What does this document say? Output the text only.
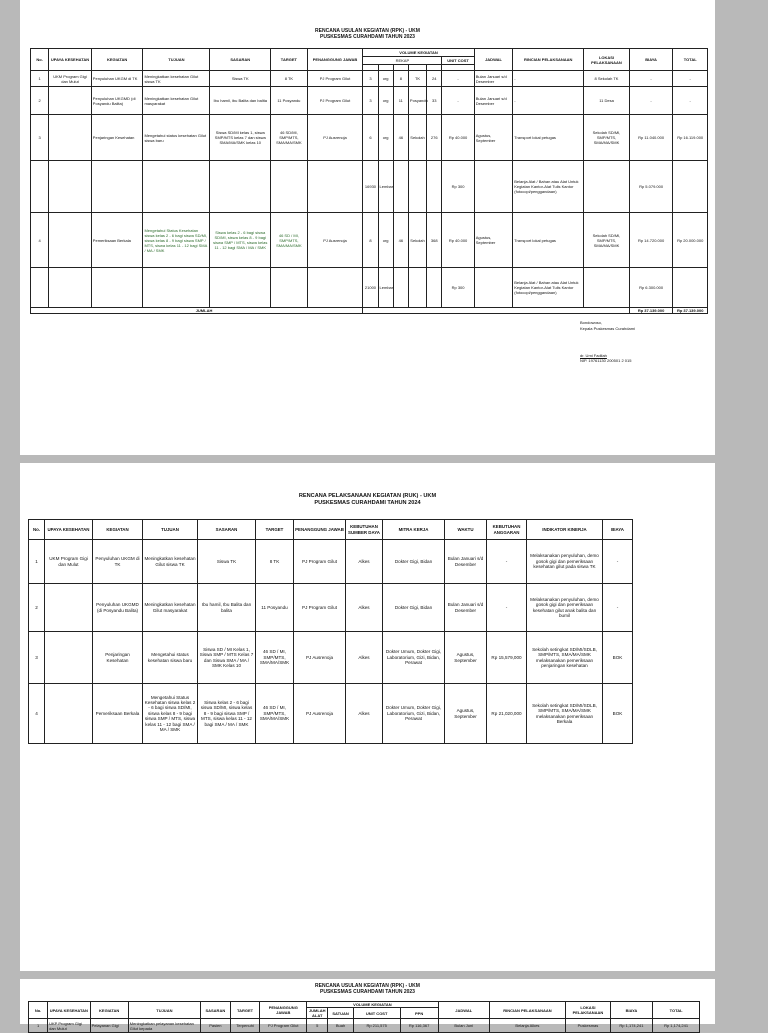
RENCANA USULAN KEGIATAN (RPK) - UKM
PUSKESMAS CURAHDAMI TAHUN 2023
No.	UPAYA KESEHATAN	KEGIATAN	TUJUAN	SASARAN	TARGET	PENANGGUNG JAWAB	VOLUME KEGIATAN						JADWAL	RINCIAN PELAKSANAAN	LOKASI PELAKSANAAN	BIAYA	TOTAL
							REKAP					UNIT COST					

1	UKM Program Gigi dan Mulut	Penyuluhan UKGM di TK	Meningkatkan kesehatan Gilut siswa TK	Siswa TK	8 TK	PJ Program Gilut	3	org	8	TK	24	-	Bulan Januari s/d Desember	-	8 Sekolah TK	-	-
2		Penyuluhan UKGMD (di Posyandu Balita)	Meningkatkan kesehatan Gilut masyarakat	Ibu hamil, ibu Balita dan balita	11 Posyandu	PJ Program Gilut	3	org	11	Posyandu	33	-	Bulan Januari s/d Desember	-	11 Desa	-	-
3		Penjaringan Kesehatan	Mengetahui status kesehatan Gilut siswa baru	Siswa SD/MI kelas 1, siswa SMP/MTS kelas 7 dan siswa SMA/MA/SMK kelas 10	46 SD/MI, SMP/MTS, SMA/MA/SMK	PJ Ausrenoja	6	org	46	Sekolah	276	Rp 40.000	Agustus, September	Transport lokal petugas	Sekolah SD/MI, SMP/MTS, SMA/MA/SMK	Rp 11.040.000	Rp 16.119.000
							16930	Lembar				Rp 300		Belanja Alat / Bahan atau Alat Untuk Kegiatan Kantor-Alat Tulis Kantor (fotocopi/penggandaan)		Rp 5.079.000	
4		Pemeriksaan Berkala	Mengetahui Status Kesehatan siswa kelas 2 - 6 bagi siswa SD/MI, siswa kelas 8 - 9 bagi siswa SMP / MTS, siswa kelas 11 - 12 bagi SMA / MA / SMK	Siswa kelas 2 - 6 bagi siswa SD/MI, siswa kelas 8 - 9 bagi siswa SMP / MTS, siswa kelas 11 - 12 bagi SMA / MA / SMK	46 SD / MI, SMP/MTS, SMA/MA/SMK	PJ Ausrenoja	8	org	46	Sekolah	368	Rp 40.000	Agustus, September	Transport lokal petugas	Sekolah SD/MI, SMP/MTS, SMA/MA/SMK	Rp 14.720.000	Rp 20.000.000
							21000	Lembar				Rp 300		Belanja Alat / Bahan atau Alat Untuk Kegiatan Kantor-Alat Tulis Kantor (fotocopi/penggandaan)		Rp 6.300.000	
JUMLAH																Rp 37.139.000	Rp 37.139.000
Bondowoso,
Kepala Puskesmas Curahdami
dr. Umi Fadilah
NIP. 19761130 200501 2 015
RENCANA PELAKSANAAN KEGIATAN (RUK) - UKM
PUSKESMAS CURAHDAMI TAHUN 2024
No.	UPAYA KESEHATAN	KEGIATAN	TUJUAN	SASARAN	TARGET	PENANGGUNG JAWAB	KEBUTUHAN SUMBER DAYA	MITRA KERJA	WAKTU	KEBUTUHAN ANGGARAN	INDIKATOR KINERJA	BIAYA
1	UKM Program Gigi dan Mulut	Penyuluhan UKGM di TK	Meningkatkan kesehatan Gilut siswa TK	Siswa TK	8 TK	PJ Program Gilut	Alkes	Dokter Gigi, Bidan	Bulan Januari s/d Desember	-	Melaksanakan penyuluhan, demo gosok gigi dan pemeriksaan kesehatan gilut pada siswa TK	-
2		Penyuluhan UKGMD (di Posyandu Balita)	Meningkatkan kesehatan Gilut masyarakat	Ibu hamil, Ibu Balita dan balita	11 Posyandu	PJ Program Gilut	Alkes	Dokter Gigi, Bidan	Bulan Januari s/d Desember	-	Melaksanakan penyuluhan, demo gosok gigi dan pemeriksaan kesehatan gilut anak balita dan bumil	-
3		Penjaringan Kesehatan	Mengetahui status kesehatan siswa baru	Siswa SD / MI Kelas 1, Siswa SMP / MTS Kelas 7 dan Siswa SMA / MA / SMK Kelas 10	46 SD / MI, SMP/MTS, SMA/MA/SMK	PJ Ausrenoja	Alkes	Dokter Umum, Dokter Gigi, Laboratorium, Gizi, Bidan, Perawat	Agustus, September	Rp 15,579,000	Sekolah setingkat SD/MI/SDLB, SMP/MTS, SMA/MA/SMK melaksanakan pemeriksaan penjaringan kesehatan	BOK
4		Pemeriksaan Berkala	Mengetahui Status Kesehatan siswa kelas 2 - 6 bagi siswa SD/MI, siswa kelas 8 - 9 bagi siswa SMP / MTS, siswa kelas 11 - 12 bagi SMA / MA / SMK	Siswa kelas 2 - 6 bagi siswa SD/MI, siswa kelas 8 - 9 bagi siswa SMP / MTS, siswa kelas 11 - 12 bagi SMA / MA / SMK	46 SD / MI, SMP/MTS, SMA/MA/SMK	PJ Ausrenoja	Alkes	Dokter Umum, Dokter Gigi, Laboratorium, Gizi, Bidan, Perawat	Agustus, September	Rp 21,020,000	Sekolah setingkat SD/MI/SDLB, SMP/MTS, SMA/MA/SMK melaksanakan pemeriksaan Berkala	BOK
RENCANA USULAN KEGIATAN (RPK) - UKM
PUSKESMAS CURAHDAMI TAHUN 2023
No.	UPAYA KESEHATAN	KEGIATAN	TUJUAN	SASARAN	TARGET	PENANGGUNG JAWAB	VOLUME KEGIATAN				JADWAL	RINCIAN PELAKSANAAN	LOKASI PELAKSANAAN	BIAYA	TOTAL
							JUMLAH ALAT	SATUAN	UNIT COST	PPN					
1	UKP Program Gigi dan Mulut	Pelayanan Gigi	Meningkatkan pelayanan kesehatan Gilut kepada	Pasien	Terpenuhi	PJ Program Gilut	5	Buah	Rp 211,575	Rp 116,367	Bulan Juni	Belanja Alkes	Puskesmas	Rp 1,174,241	Rp 1,174,241
